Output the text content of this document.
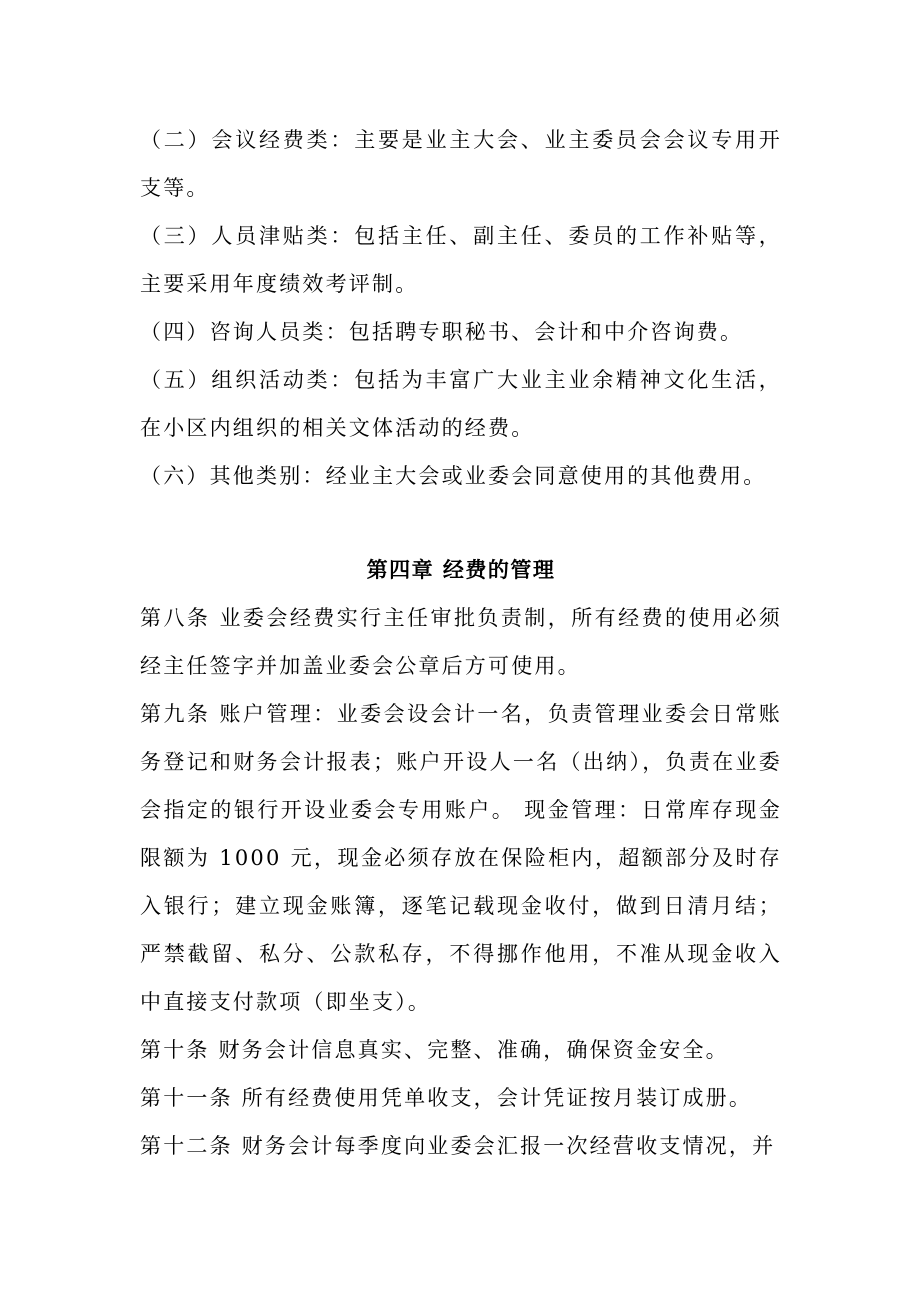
（二）会议经费类：主要是业主大会、业主委员会会议专用开支等。

（三）人员津贴类：包括主任、副主任、委员的工作补贴等，主要采用年度绩效考评制。

（四）咨询人员类：包括聘专职秘书、会计和中介咨询费。

（五）组织活动类：包括为丰富广大业主业余精神文化生活，在小区内组织的相关文体活动的经费。

（六）其他类别：经业主大会或业委会同意使用的其他费用。

第四章 经费的管理

第八条 业委会经费实行主任审批负责制，所有经费的使用必须经主任签字并加盖业委会公章后方可使用。

第九条 账户管理：业委会设会计一名，负责管理业委会日常账务登记和财务会计报表；账户开设人一名（出纳），负责在业委会指定的银行开设业委会专用账户。 现金管理：日常库存现金限额为 1000 元，现金必须存放在保险柜内，超额部分及时存入银行；建立现金账簿，逐笔记载现金收付，做到日清月结；严禁截留、私分、公款私存，不得挪作他用，不准从现金收入中直接支付款项（即坐支）。

第十条 财务会计信息真实、完整、准确，确保资金安全。

第十一条 所有经费使用凭单收支，会计凭证按月装订成册。

第十二条 财务会计每季度向业委会汇报一次经营收支情况，并
